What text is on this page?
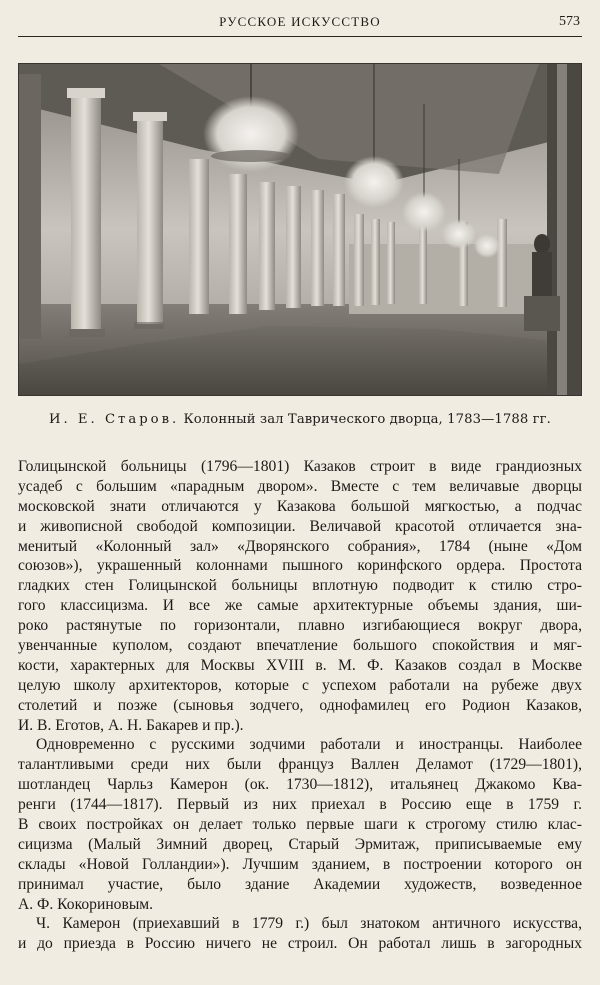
РУССКОЕ ИСКУССТВО	573
И. Е. Старов. Колонный зал Таврического дворца, 1783—1788 гг.
Голицынской больницы (1796—1801) Казаков строит в виде грандиозных
усадеб с большим «парадным двором». Вместе с тем величавые дворцы
московской знати отличаются у Казакова большой мягкостью, а подчас
и живописной свободой композиции. Величавой красотой отличается зна-
менитый «Колонный зал» «Дворянского собрания», 1784 (ныне «Дом
союзов»), украшенный колоннами пышного коринфского ордера. Простота
гладких стен Голицынской больницы вплотную подводит к стилю стро-
гого классицизма. И все же самые архитектурные объемы здания, ши-
роко растянутые по горизонтали, плавно изгибающиеся вокруг двора,
увенчанные куполом, создают впечатление большого спокойствия и мяг-
кости, характерных для Москвы XVIII в. М. Ф. Казаков создал в Москве
целую школу архитекторов, которые с успехом работали на рубеже двух
столетий и позже (сыновья зодчего, однофамилец его Родион Казаков,
И. В. Еготов, А. Н. Бакарев и пр.).
Одновременно с русскими зодчими работали и иностранцы. Наиболее
талантливыми среди них были француз Валлен Деламот (1729—1801),
шотландец Чарльз Камерон (ок. 1730—1812), итальянец Джакомо Ква-
ренги (1744—1817). Первый из них приехал в Россию еще в 1759 г.
В своих постройках он делает только первые шаги к строгому стилю клас-
сицизма (Малый Зимний дворец, Старый Эрмитаж, приписываемые ему
склады «Новой Голландии»). Лучшим зданием, в построении которого он
принимал участие, было здание Академии художеств, возведенное
А. Ф. Кокориновым.
Ч. Камерон (приехавший в 1779 г.) был знатоком античного искусства,
и до приезда в Россию ничего не строил. Он работал лишь в загородных
